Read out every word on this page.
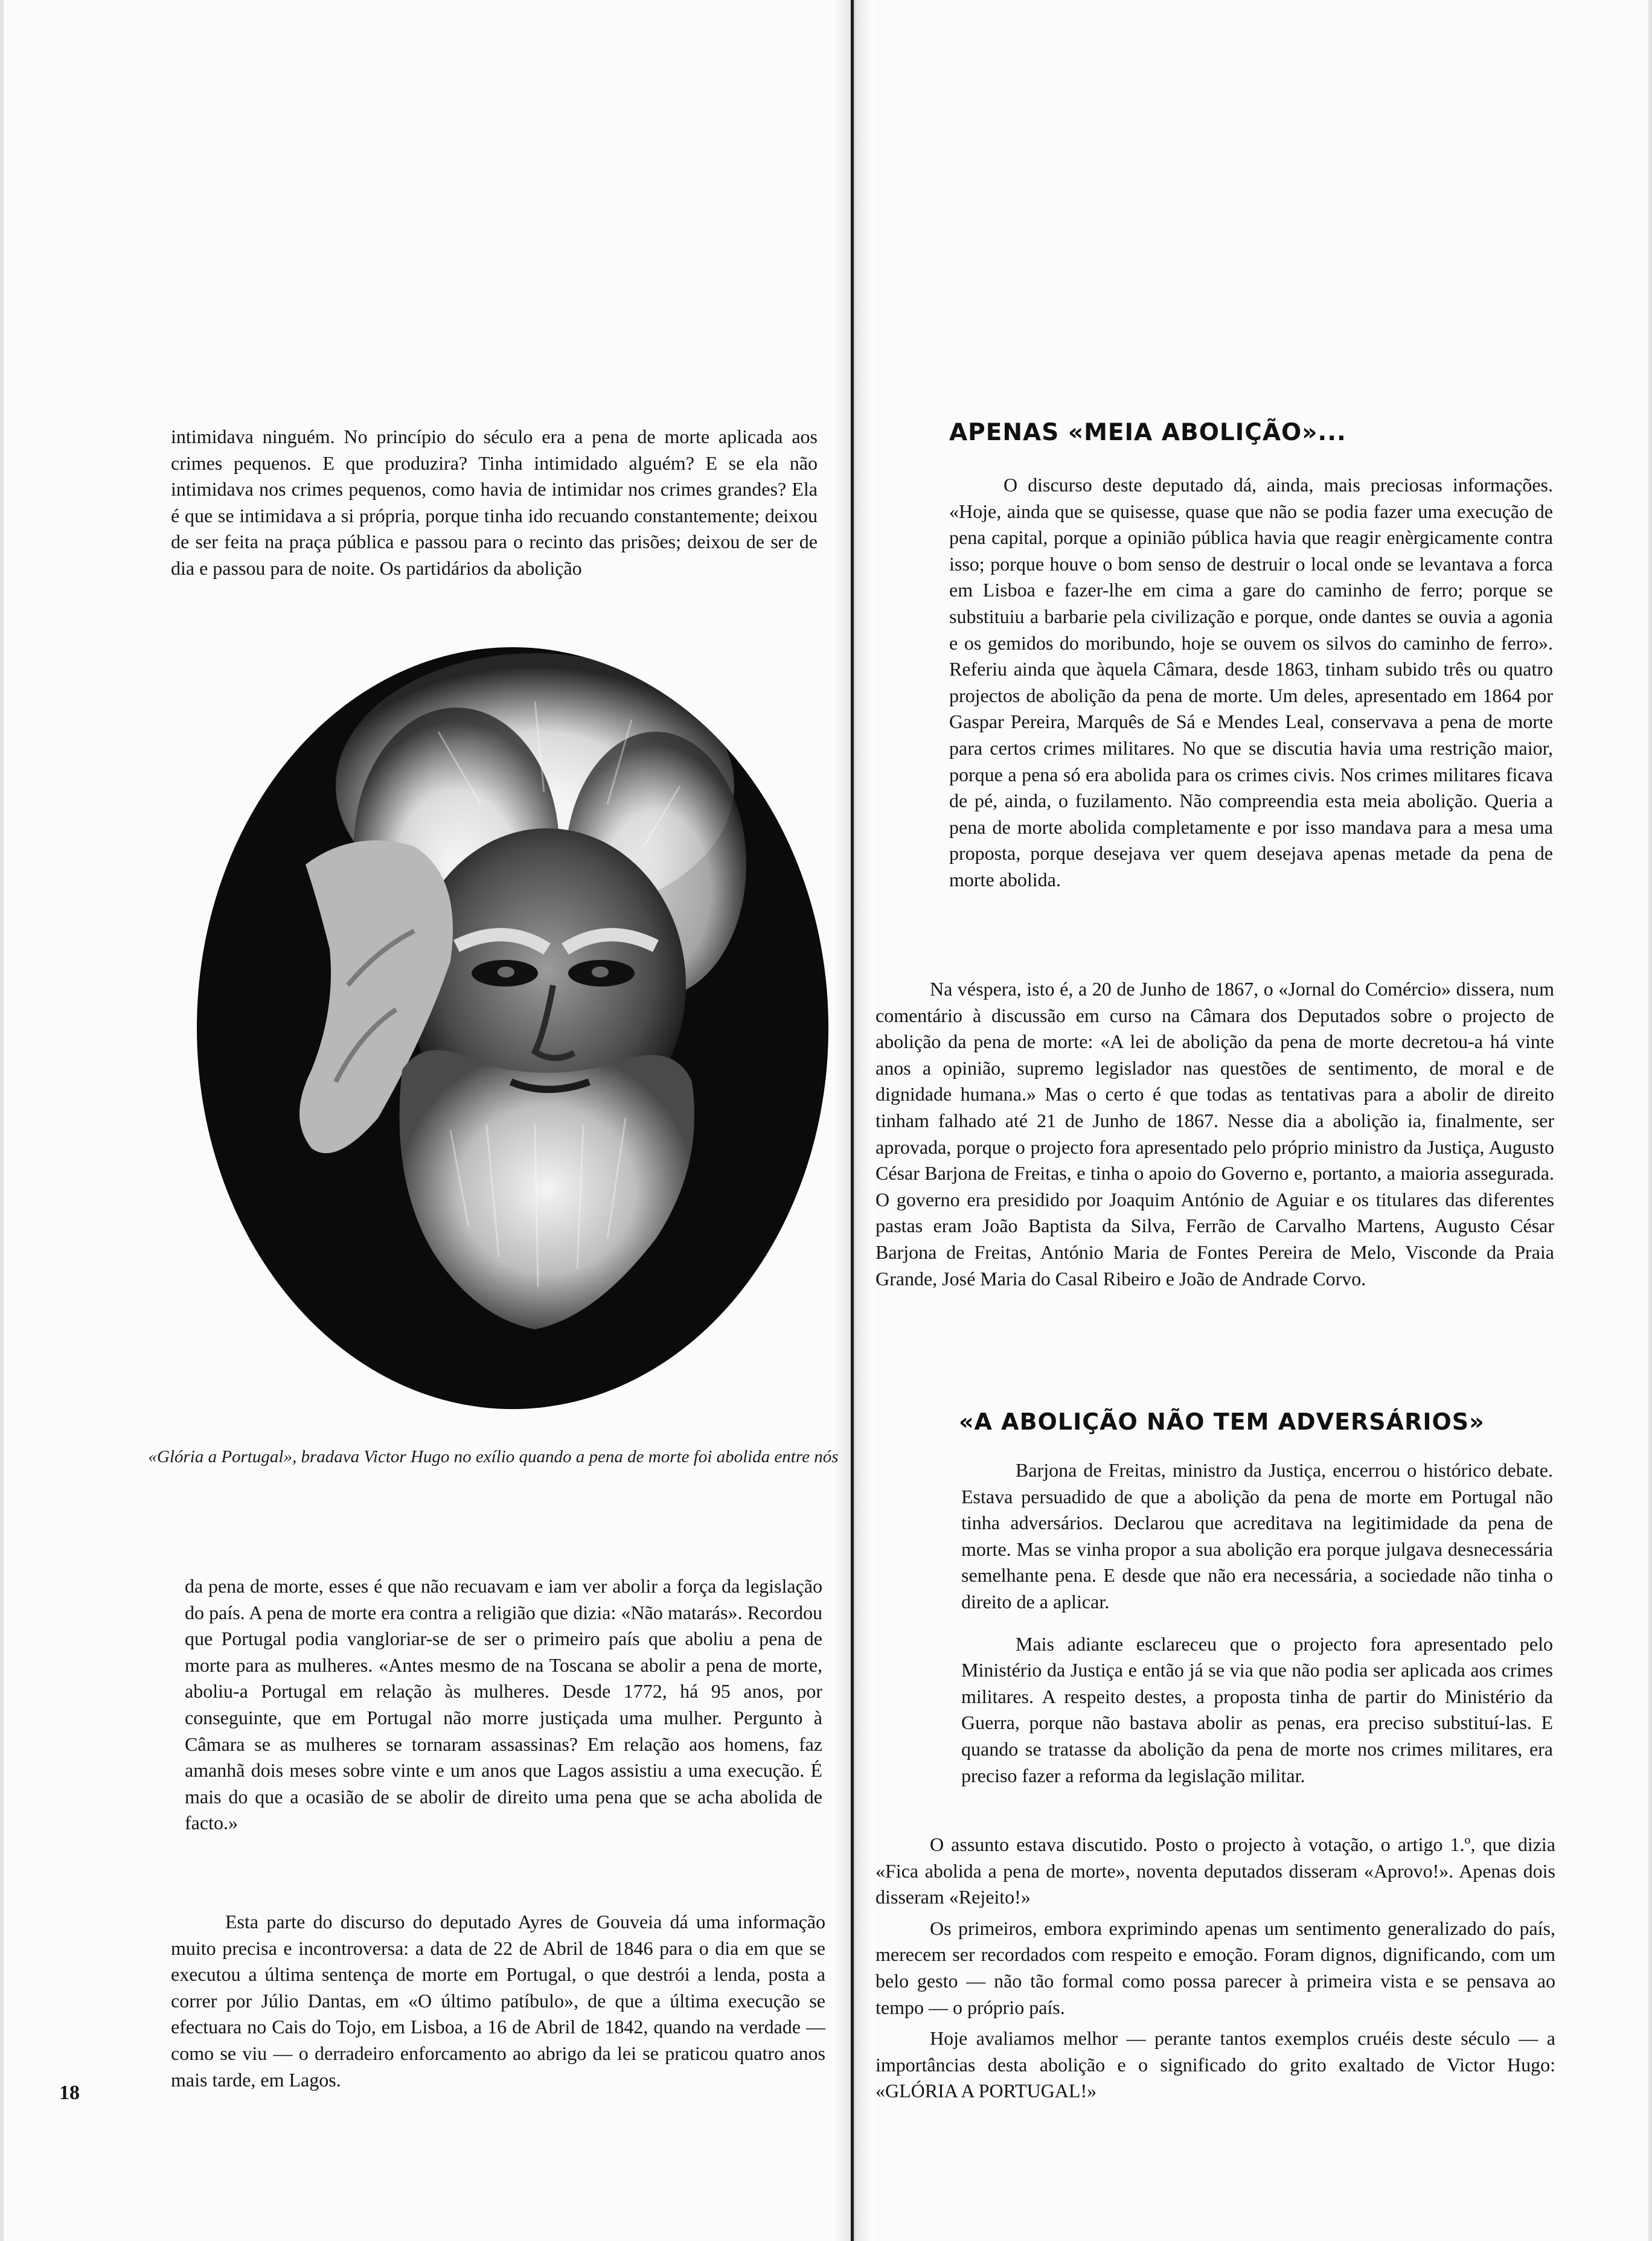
intimidava ninguém. No princípio do século era a pena de morte aplicada aos crimes pequenos. E que produzira? Tinha intimidado alguém? E se ela não intimidava nos crimes pequenos, como havia de intimidar nos crimes grandes? Ela é que se intimidava a si própria, porque tinha ido recuando constantemente; deixou de ser feita na praça pública e passou para o recinto das prisões; deixou de ser de dia e passou para de noite. Os partidários da abolição

«Glória a Portugal», bradava Victor Hugo no exílio quando a pena de morte foi abolida entre nós

da pena de morte, esses é que não recuavam e iam ver abolir a força da legislação do país. A pena de morte era contra a religião que dizia: «Não matarás». Recordou que Portugal podia vangloriar-se de ser o primeiro país que aboliu a pena de morte para as mulheres. «Antes mesmo de na Toscana se abolir a pena de morte, aboliu-a Portugal em relação às mulheres. Desde 1772, há 95 anos, por conseguinte, que em Portugal não morre justiçada uma mulher. Pergunto à Câmara se as mulheres se tornaram assassinas? Em relação aos homens, faz amanhã dois meses sobre vinte e um anos que Lagos assistiu a uma execução. É mais do que a ocasião de se abolir de direito uma pena que se acha abolida de facto.»

Esta parte do discurso do deputado Ayres de Gouveia dá uma informação muito precisa e incontroversa: a data de 22 de Abril de 1846 para o dia em que se executou a última sentença de morte em Portugal, o que destrói a lenda, posta a correr por Júlio Dantas, em «O último patíbulo», de que a última execução se efectuara no Cais do Tojo, em Lisboa, a 16 de Abril de 1842, quando na verdade — como se viu — o derradeiro enforcamento ao abrigo da lei se praticou quatro anos mais tarde, em Lagos.

18
APENAS «MEIA ABOLIÇÃO»...

O discurso deste deputado dá, ainda, mais preciosas informações. «Hoje, ainda que se quisesse, quase que não se podia fazer uma execução de pena capital, porque a opinião pública havia que reagir enèrgicamente contra isso; porque houve o bom senso de destruir o local onde se levantava a forca em Lisboa e fazer-lhe em cima a gare do caminho de ferro; porque se substituiu a barbarie pela civilização e porque, onde dantes se ouvia a agonia e os gemidos do moribundo, hoje se ouvem os silvos do caminho de ferro». Referiu ainda que àquela Câmara, desde 1863, tinham subido três ou quatro projectos de abolição da pena de morte. Um deles, apresentado em 1864 por Gaspar Pereira, Marquês de Sá e Mendes Leal, conservava a pena de morte para certos crimes militares. No que se discutia havia uma restrição maior, porque a pena só era abolida para os crimes civis. Nos crimes militares ficava de pé, ainda, o fuzilamento. Não compreendia esta meia abolição. Queria a pena de morte abolida completamente e por isso mandava para a mesa uma proposta, porque desejava ver quem desejava apenas metade da pena de morte abolida.

Na véspera, isto é, a 20 de Junho de 1867, o «Jornal do Comércio» dissera, num comentário à discussão em curso na Câmara dos Deputados sobre o projecto de abolição da pena de morte: «A lei de abolição da pena de morte decretou-a há vinte anos a opinião, supremo legislador nas questões de sentimento, de moral e de dignidade humana.» Mas o certo é que todas as tentativas para a abolir de direito tinham falhado até 21 de Junho de 1867. Nesse dia a abolição ia, finalmente, ser aprovada, porque o projecto fora apresentado pelo próprio ministro da Justiça, Augusto César Barjona de Freitas, e tinha o apoio do Governo e, portanto, a maioria assegurada. O governo era presidido por Joaquim António de Aguiar e os titulares das diferentes pastas eram João Baptista da Silva, Ferrão de Carvalho Martens, Augusto César Barjona de Freitas, António Maria de Fontes Pereira de Melo, Visconde da Praia Grande, José Maria do Casal Ribeiro e João de Andrade Corvo.

«A ABOLIÇÃO NÃO TEM ADVERSÁRIOS»

Barjona de Freitas, ministro da Justiça, encerrou o histórico debate. Estava persuadido de que a abolição da pena de morte em Portugal não tinha adversários. Declarou que acreditava na legitimidade da pena de morte. Mas se vinha propor a sua abolição era porque julgava desnecessária semelhante pena. E desde que não era necessária, a sociedade não tinha o direito de a aplicar.

Mais adiante esclareceu que o projecto fora apresentado pelo Ministério da Justiça e então já se via que não podia ser aplicada aos crimes militares. A respeito destes, a proposta tinha de partir do Ministério da Guerra, porque não bastava abolir as penas, era preciso substituí-las. E quando se tratasse da abolição da pena de morte nos crimes militares, era preciso fazer a reforma da legislação militar.

O assunto estava discutido. Posto o projecto à votação, o artigo 1.º, que dizia «Fica abolida a pena de morte», noventa deputados disseram «Aprovo!». Apenas dois disseram «Rejeito!»

Os primeiros, embora exprimindo apenas um sentimento generalizado do país, merecem ser recordados com respeito e emoção. Foram dignos, dignificando, com um belo gesto — não tão formal como possa parecer à primeira vista e se pensava ao tempo — o próprio país.

Hoje avaliamos melhor — perante tantos exemplos cruéis deste século — a importâncias desta abolição e o significado do grito exaltado de Victor Hugo: «GLÓRIA A PORTUGAL!»
